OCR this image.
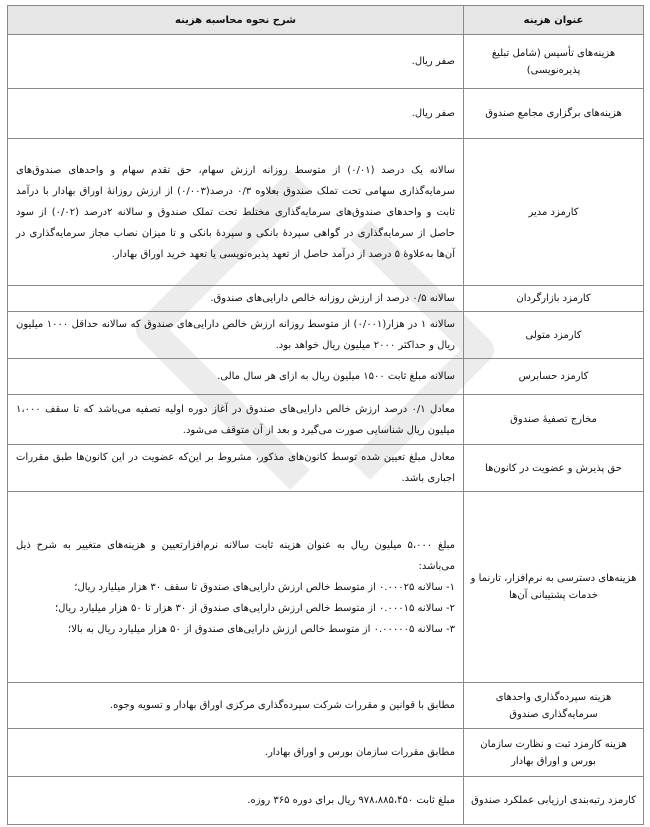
عنوان هزینه	شرح نحوه محاسبه هزینه
هزینه‌های تأسیس (شامل تبلیغ پذیره‌نویسی)	صفر ریال.
هزینه‌های برگزاری مجامع صندوق	صفر ریال.
کارمزد مدیر	سالانه یک درصد (۰/۰۱) از متوسط روزانه ارزش سهام، حق تقدم سهام و واحدهای صندوق‌های سرمایه‌گذاری سهامی تحت تملک صندوق بعلاوه ۰/۳ درصد(۰/۰۰۳) از ارزش روزانهٔ اوراق بهادار با درآمد ثابت و واحدهای صندوق‌های سرمایه‌گذاری مختلط تحت تملک صندوق و سالانه ۲درصد (۰/۰۲) از سود حاصل از سرمایه‌گذاری در گواهی سپردهٔ بانکی و سپردهٔ بانکی و تا میزان نصاب مجاز سرمایه‌گذاری در آن‌ها به‌علاوهٔ ۵ درصد از درآمد حاصل از تعهد پذیره‌نویسی یا تعهد خرید اوراق بهادار.
کارمزد بازارگردان	سالانه ۰/۵ درصد از ارزش روزانه خالص دارایی‌های صندوق.
کارمزد متولی	سالانه ۱ در هزار(۰/۰۰۱) از متوسط روزانه ارزش خالص دارایی‌های صندوق که سالانه حداقل ۱۰۰۰ میلیون ریال و حداکثر ۲۰۰۰ میلیون ریال خواهد بود.
کارمزد حسابرس	سالانه مبلغ ثابت ۱۵۰۰ میلیون ریال به ازای هر سال مالی.
مخارج تصفیهٔ صندوق	معادل ۰/۱ درصد ارزش خالص دارایی‌های صندوق در آغاز دوره اولیه تصفیه می‌باشد که تا سقف ۱،۰۰۰ میلیون ریال شناسایی صورت می‌گیرد و بعد از آن متوقف می‌شود.
حق پذیرش و عضویت در کانون‌ها	معادل مبلغ تعیین شده توسط کانون‌های مذکور، مشروط بر این‌که عضویت در این کانون‌ها طبق مقررات اجباری باشد.
هزینه‌های دسترسی به نرم‌افزار، تارنما و خدمات پشتیبانی آن‌ها	مبلغ ۵،۰۰۰ میلیون ریال به عنوان هزینه ثابت سالانه نرم‌افزارتعیین و هزینه‌های متغییر به شرح ذیل می‌باشد:

۱- سالانه ۰.۰۰۰۲۵ از متوسط خالص ارزش دارایی‌های صندوق تا سقف ۳۰ هزار میلیارد ریال؛

۲- سالانه ۰.۰۰۰۱۵ از متوسط خالص ارزش دارایی‌های صندوق از ۳۰ هزار تا ۵۰ هزار میلیارد ریال؛

۳- سالانه ۰.۰۰۰۰۰۵ از متوسط خالص ارزش دارایی‌های صندوق از ۵۰ هزار میلیارد ریال به بالا؛

هزینه سپرده‌گذاری واحدهای سرمایه‌گذاری صندوق	مطابق با قوانین و مقررات شرکت سپرده‌گذاری مرکزی اوراق بهادار و تسویه وجوه.
هزینه کارمزد ثبت و نظارت سازمان بورس و اوراق بهادار	مطابق مقررات سازمان بورس و اوراق بهادار.
کارمزد رتبه‌بندی ارزیابی عملکرد صندوق	مبلغ ثابت ۹۷۸،۸۸۵،۴۵۰ ریال برای دوره ۳۶۵ روزه.
